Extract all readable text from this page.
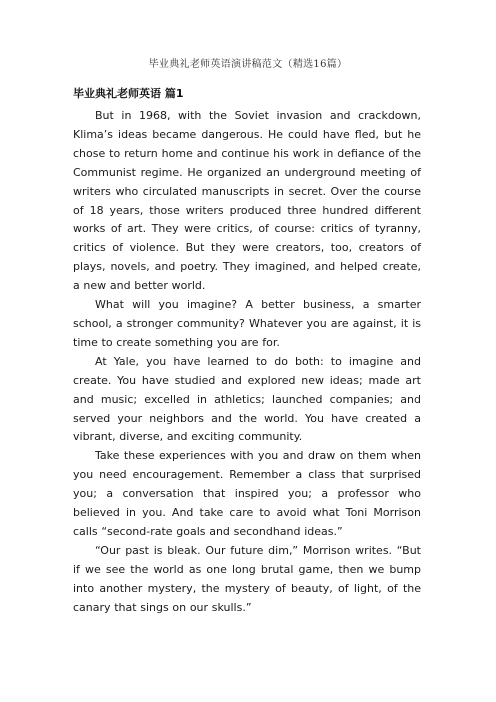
毕业典礼老师英语演讲稿范文（精选16篇）
毕业典礼老师英语 篇1

But in 1968, with the Soviet invasion and crackdown, Klima’s ideas became dangerous. He could have fled, but he chose to return home and continue his work in defiance of the Communist regime. He organized an underground meeting of writers who circulated manuscripts in secret. Over the course of 18 years, those writers produced three hundred different works of art. They were critics, of course: critics of tyranny, critics of violence. But they were creators, too, creators of plays, novels, and poetry. They imagined, and helped create, a new and better world.

What will you imagine? A better business, a smarter school, a stronger community? Whatever you are against, it is time to create something you are for.

At Yale, you have learned to do both: to imagine and create. You have studied and explored new ideas; made art and music; excelled in athletics; launched companies; and served your neighbors and the world. You have created a vibrant, diverse, and exciting community.

Take these experiences with you and draw on them when you need encouragement. Remember a class that surprised you; a conversation that inspired you; a professor who believed in you. And take care to avoid what Toni Morrison calls “second-rate goals and secondhand ideas.”

“Our past is bleak. Our future dim,” Morrison writes. “But if we see the world as one long brutal game, then we bump into another mystery, the mystery of beauty, of light, of the canary that sings on our skulls.”
